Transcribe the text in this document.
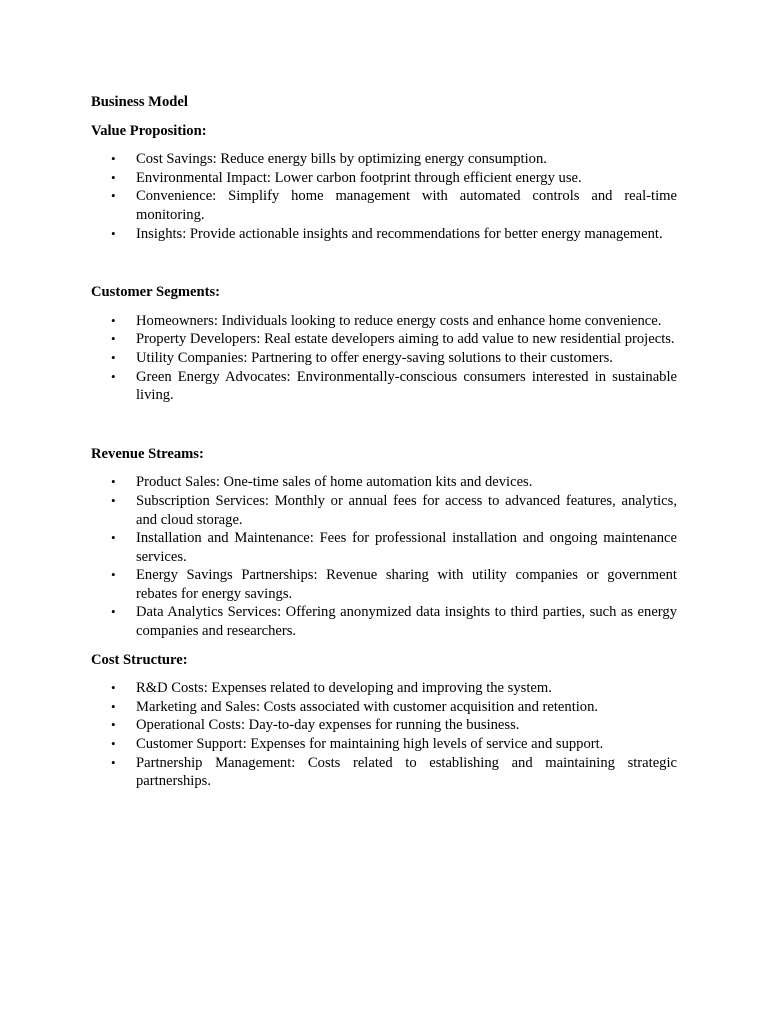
Business Model
Value Proposition:
• Cost Savings: Reduce energy bills by optimizing energy consumption.
• Environmental Impact: Lower carbon footprint through efficient energy use.
• Convenience: Simplify home management with automated controls and real-time monitoring.
• Insights: Provide actionable insights and recommendations for better energy management.
Customer Segments:
• Homeowners: Individuals looking to reduce energy costs and enhance home convenience.
• Property Developers: Real estate developers aiming to add value to new residential projects.
• Utility Companies: Partnering to offer energy-saving solutions to their customers.
• Green Energy Advocates: Environmentally-conscious consumers interested in sustainable living.
Revenue Streams:
• Product Sales: One-time sales of home automation kits and devices.
• Subscription Services: Monthly or annual fees for access to advanced features, analytics, and cloud storage.
• Installation and Maintenance: Fees for professional installation and ongoing maintenance services.
• Energy Savings Partnerships: Revenue sharing with utility companies or government rebates for energy savings.
• Data Analytics Services: Offering anonymized data insights to third parties, such as energy companies and researchers.
Cost Structure:
• R&D Costs: Expenses related to developing and improving the system.
• Marketing and Sales: Costs associated with customer acquisition and retention.
• Operational Costs: Day-to-day expenses for running the business.
• Customer Support: Expenses for maintaining high levels of service and support.
• Partnership Management: Costs related to establishing and maintaining strategic partnerships.
